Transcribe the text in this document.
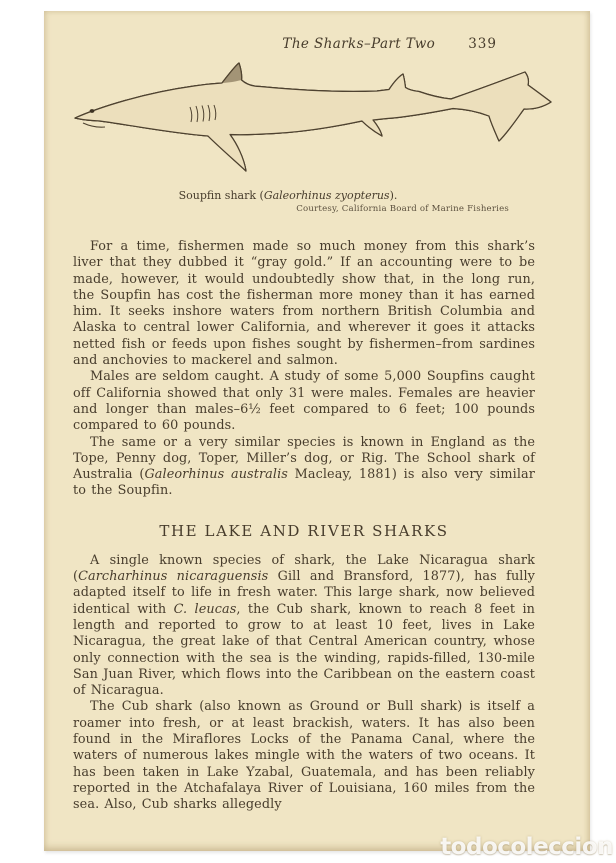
The Sharks–Part Two 339
Soupfin shark (Galeorhinus zyopterus).
Courtesy, California Board of Marine Fisheries

For a time, fishermen made so much money from this shark’s liver that they dubbed it “gray gold.” If an accounting were to be made, however, it would undoubtedly show that, in the long run, the Soupfin has cost the fisherman more money than it has earned him. It seeks inshore waters from northern British Columbia and Alaska to central lower California, and wherever it goes it attacks netted fish or feeds upon fishes sought by fishermen–from sardines and anchovies to mackerel and salmon.

Males are seldom caught. A study of some 5,000 Soupfins caught off California showed that only 31 were males. Females are heavier and longer than males–6½ feet compared to 6 feet; 100 pounds compared to 60 pounds.

The same or a very similar species is known in England as the Tope, Penny dog, Toper, Miller’s dog, or Rig. The School shark of Australia (Galeorhinus australis Macleay, 1881) is also very similar to the Soupfin.

THE LAKE AND RIVER SHARKS

A single known species of shark, the Lake Nicaragua shark (Carcharhinus nicaraguensis Gill and Bransford, 1877), has fully adapted itself to life in fresh water. This large shark, now believed identical with C. leucas, the Cub shark, known to reach 8 feet in length and reported to grow to at least 10 feet, lives in Lake Nicaragua, the great lake of that Central American country, whose only connection with the sea is the winding, rapids-filled, 130-mile San Juan River, which flows into the Caribbean on the eastern coast of Nicaragua.

The Cub shark (also known as Ground or Bull shark) is itself a roamer into fresh, or at least brackish, waters. It has also been found in the Miraflores Locks of the Panama Canal, where the waters of numerous lakes mingle with the waters of two oceans. It has been taken in Lake Yzabal, Guatemala, and has been reliably reported in the Atchafalaya River of Louisiana, 160 miles from the sea. Also, Cub sharks allegedly

todocoleccion
